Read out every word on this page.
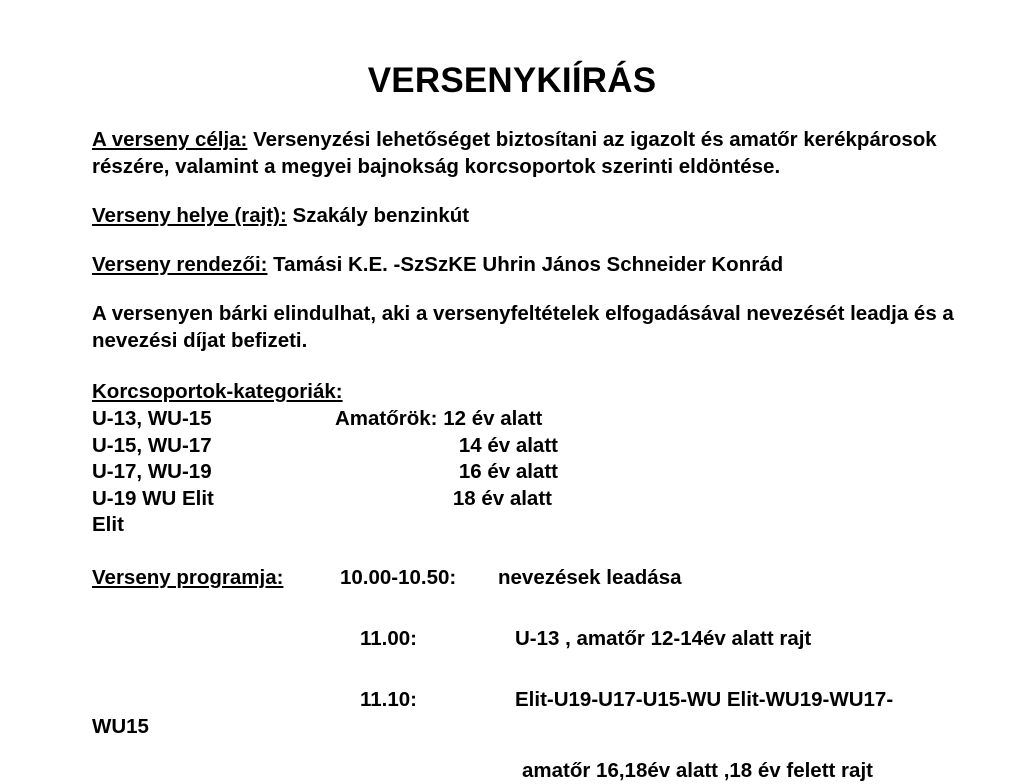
VERSENYKIÍRÁS

A verseny célja: Versenyzési lehetőséget biztosítani az igazolt és amatőr kerékpárosok részére, valamint a megyei bajnokság korcsoportok szerinti eldöntése.

Verseny helye (rajt): Szakály benzinkút

Verseny rendezői: Tamási K.E. -SzSzKE Uhrin János Schneider Konrád

A versenyen bárki elindulhat, aki a versenyfeltételek elfogadásával nevezését leadja és a nevezési díjat befizeti.

Korcsoportok-kategoriák:
U-13, WU-15	Amatőrök: 12 év alatt
U-15, WU-17	14 év alatt
U-17, WU-19	16 év alatt
U-19 WU Elit	18 év alatt
Elit
Verseny programja:	10.00-10.50: nevezések leadása
11.00:	U-13 , amatőr 12-14év alatt rajt
11.10:	Elit-U19-U17-U15-WU Elit-WU19-WU17-
WU15
amatőr 16,18év alatt ,18 év felett rajt
